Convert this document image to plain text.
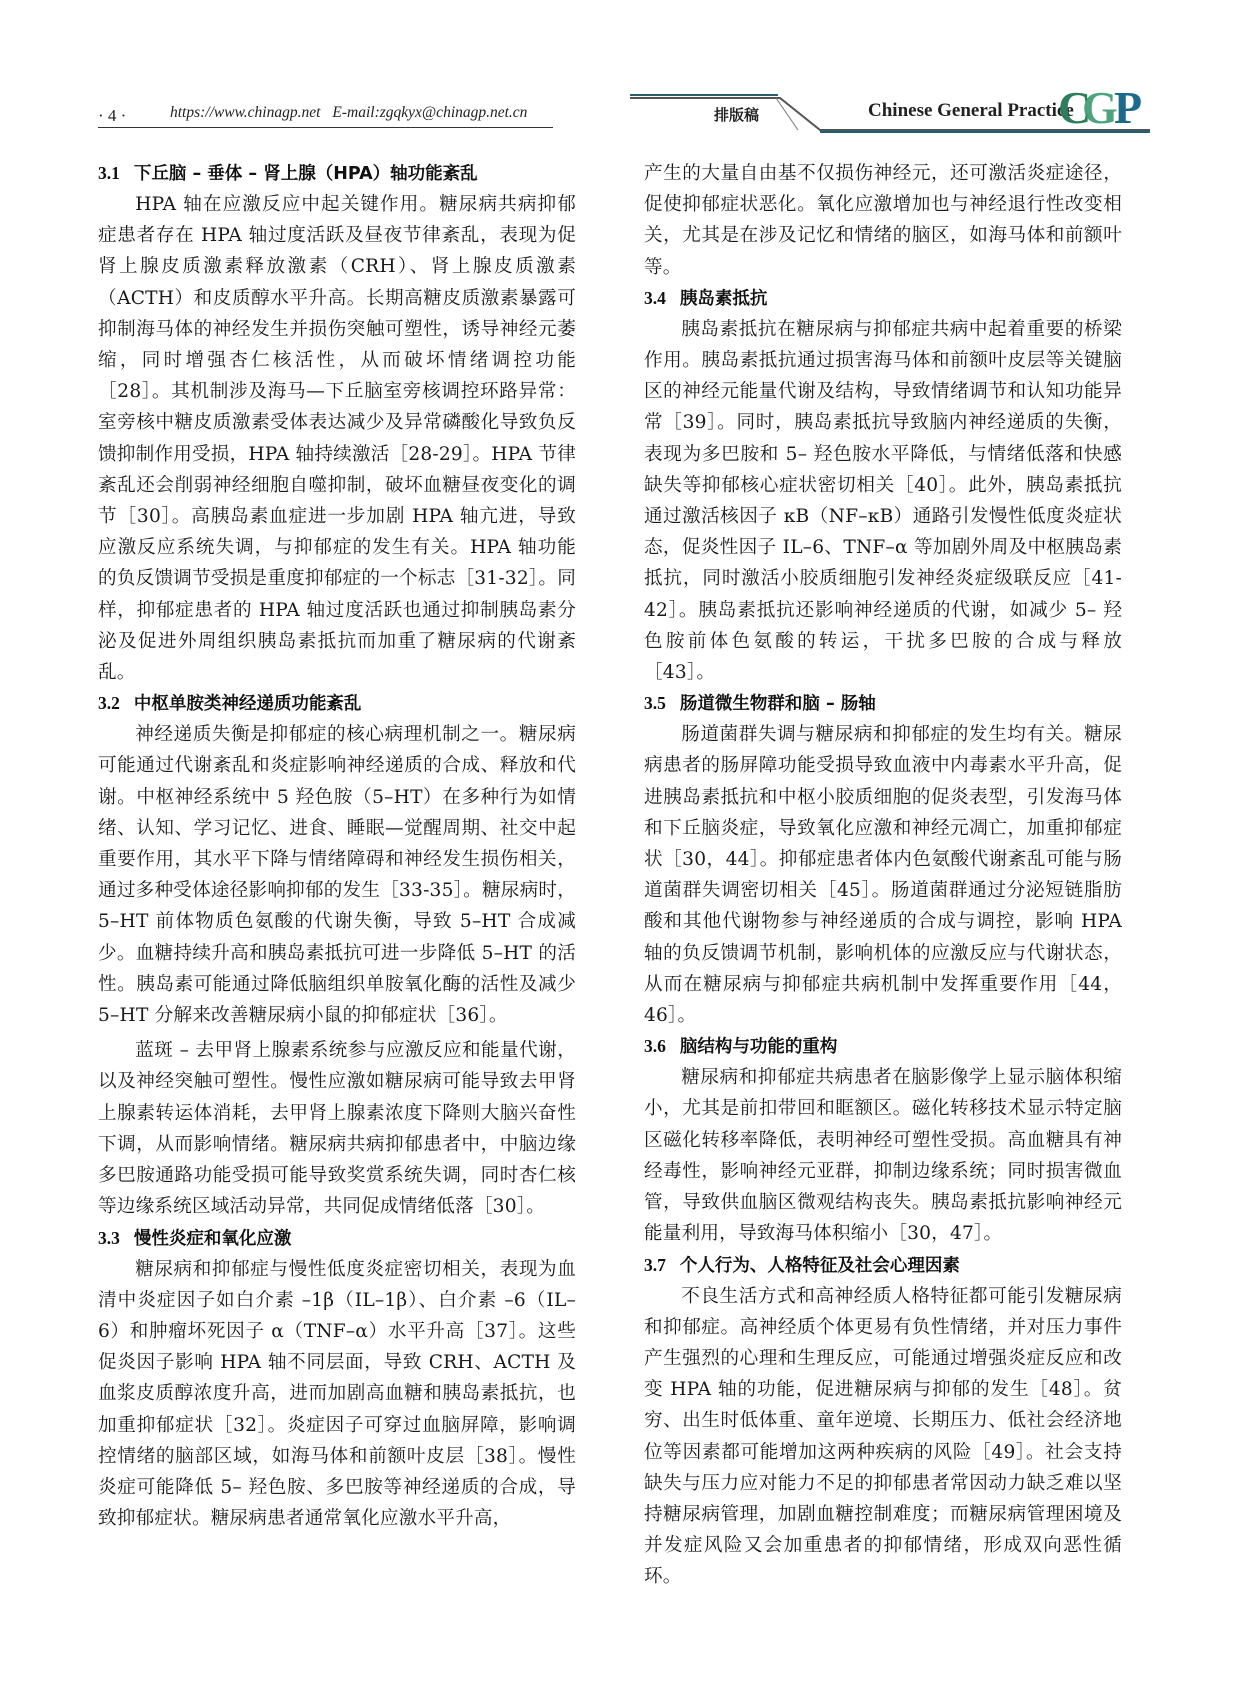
· 4 ·	https://www.chinagp.net E-mail:zgqkyx@chinagp.net.cn	排版稿	Chinese General Practice
C
G
P
3.1 下丘脑 – 垂体 – 肾上腺（HPA）轴功能紊乱

HPA 轴在应激反应中起关键作用。糖尿病共病抑郁症患者存在 HPA 轴过度活跃及昼夜节律紊乱，表现为促肾上腺皮质激素释放激素（CRH）、肾上腺皮质激素（ACTH）和皮质醇水平升高。长期高糖皮质激素暴露可抑制海马体的神经发生并损伤突触可塑性，诱导神经元萎缩，同时增强杏仁核活性，从而破坏情绪调控功能［28］。其机制涉及海马—下丘脑室旁核调控环路异常：室旁核中糖皮质激素受体表达减少及异常磷酸化导致负反馈抑制作用受损，HPA 轴持续激活［28-29］。HPA 节律紊乱还会削弱神经细胞自噬抑制，破坏血糖昼夜变化的调节［30］。高胰岛素血症进一步加剧 HPA 轴亢进，导致应激反应系统失调，与抑郁症的发生有关。HPA 轴功能的负反馈调节受损是重度抑郁症的一个标志［31-32］。同样，抑郁症患者的 HPA 轴过度活跃也通过抑制胰岛素分泌及促进外周组织胰岛素抵抗而加重了糖尿病的代谢紊乱。

3.2 中枢单胺类神经递质功能紊乱

神经递质失衡是抑郁症的核心病理机制之一。糖尿病可能通过代谢紊乱和炎症影响神经递质的合成、释放和代谢。中枢神经系统中 5 羟色胺（5–HT）在多种行为如情绪、认知、学习记忆、进食、睡眠—觉醒周期、社交中起重要作用，其水平下降与情绪障碍和神经发生损伤相关，通过多种受体途径影响抑郁的发生［33-35］。糖尿病时，5–HT 前体物质色氨酸的代谢失衡，导致 5–HT 合成减少。血糖持续升高和胰岛素抵抗可进一步降低 5–HT 的活性。胰岛素可能通过降低脑组织单胺氧化酶的活性及减少 5–HT 分解来改善糖尿病小鼠的抑郁症状［36］。

蓝斑 – 去甲肾上腺素系统参与应激反应和能量代谢，以及神经突触可塑性。慢性应激如糖尿病可能导致去甲肾上腺素转运体消耗，去甲肾上腺素浓度下降则大脑兴奋性下调，从而影响情绪。糖尿病共病抑郁患者中，中脑边缘多巴胺通路功能受损可能导致奖赏系统失调，同时杏仁核等边缘系统区域活动异常，共同促成情绪低落［30］。

3.3 慢性炎症和氧化应激

糖尿病和抑郁症与慢性低度炎症密切相关，表现为血清中炎症因子如白介素 –1β（IL–1β）、白介素 –6（IL–6）和肿瘤坏死因子 α（TNF–α）水平升高［37］。这些促炎因子影响 HPA 轴不同层面，导致 CRH、ACTH 及血浆皮质醇浓度升高，进而加剧高血糖和胰岛素抵抗，也加重抑郁症状［32］。炎症因子可穿过血脑屏障，影响调控情绪的脑部区域，如海马体和前额叶皮层［38］。慢性炎症可能降低 5– 羟色胺、多巴胺等神经递质的合成，导致抑郁症状。糖尿病患者通常氧化应激水平升高，

产生的大量自由基不仅损伤神经元，还可激活炎症途径，促使抑郁症状恶化。氧化应激增加也与神经退行性改变相关，尤其是在涉及记忆和情绪的脑区，如海马体和前额叶等。

3.4 胰岛素抵抗

胰岛素抵抗在糖尿病与抑郁症共病中起着重要的桥梁作用。胰岛素抵抗通过损害海马体和前额叶皮层等关键脑区的神经元能量代谢及结构，导致情绪调节和认知功能异常［39］。同时，胰岛素抵抗导致脑内神经递质的失衡，表现为多巴胺和 5– 羟色胺水平降低，与情绪低落和快感缺失等抑郁核心症状密切相关［40］。此外，胰岛素抵抗通过激活核因子 κB（NF–κB）通路引发慢性低度炎症状态，促炎性因子 IL–6、TNF–α 等加剧外周及中枢胰岛素抵抗，同时激活小胶质细胞引发神经炎症级联反应［41-42］。胰岛素抵抗还影响神经递质的代谢，如减少 5– 羟色胺前体色氨酸的转运，干扰多巴胺的合成与释放［43］。

3.5 肠道微生物群和脑 – 肠轴

肠道菌群失调与糖尿病和抑郁症的发生均有关。糖尿病患者的肠屏障功能受损导致血液中内毒素水平升高，促进胰岛素抵抗和中枢小胶质细胞的促炎表型，引发海马体和下丘脑炎症，导致氧化应激和神经元凋亡，加重抑郁症状［30，44］。抑郁症患者体内色氨酸代谢紊乱可能与肠道菌群失调密切相关［45］。肠道菌群通过分泌短链脂肪酸和其他代谢物参与神经递质的合成与调控，影响 HPA 轴的负反馈调节机制，影响机体的应激反应与代谢状态，从而在糖尿病与抑郁症共病机制中发挥重要作用［44，46］。

3.6 脑结构与功能的重构

糖尿病和抑郁症共病患者在脑影像学上显示脑体积缩小，尤其是前扣带回和眶额区。磁化转移技术显示特定脑区磁化转移率降低，表明神经可塑性受损。高血糖具有神经毒性，影响神经元亚群，抑制边缘系统；同时损害微血管，导致供血脑区微观结构丧失。胰岛素抵抗影响神经元能量利用，导致海马体积缩小［30，47］。

3.7 个人行为、人格特征及社会心理因素

不良生活方式和高神经质人格特征都可能引发糖尿病和抑郁症。高神经质个体更易有负性情绪，并对压力事件产生强烈的心理和生理反应，可能通过增强炎症反应和改变 HPA 轴的功能，促进糖尿病与抑郁的发生［48］。贫穷、出生时低体重、童年逆境、长期压力、低社会经济地位等因素都可能增加这两种疾病的风险［49］。社会支持缺失与压力应对能力不足的抑郁患者常因动力缺乏难以坚持糖尿病管理，加剧血糖控制难度；而糖尿病管理困境及并发症风险又会加重患者的抑郁情绪，形成双向恶性循环。
